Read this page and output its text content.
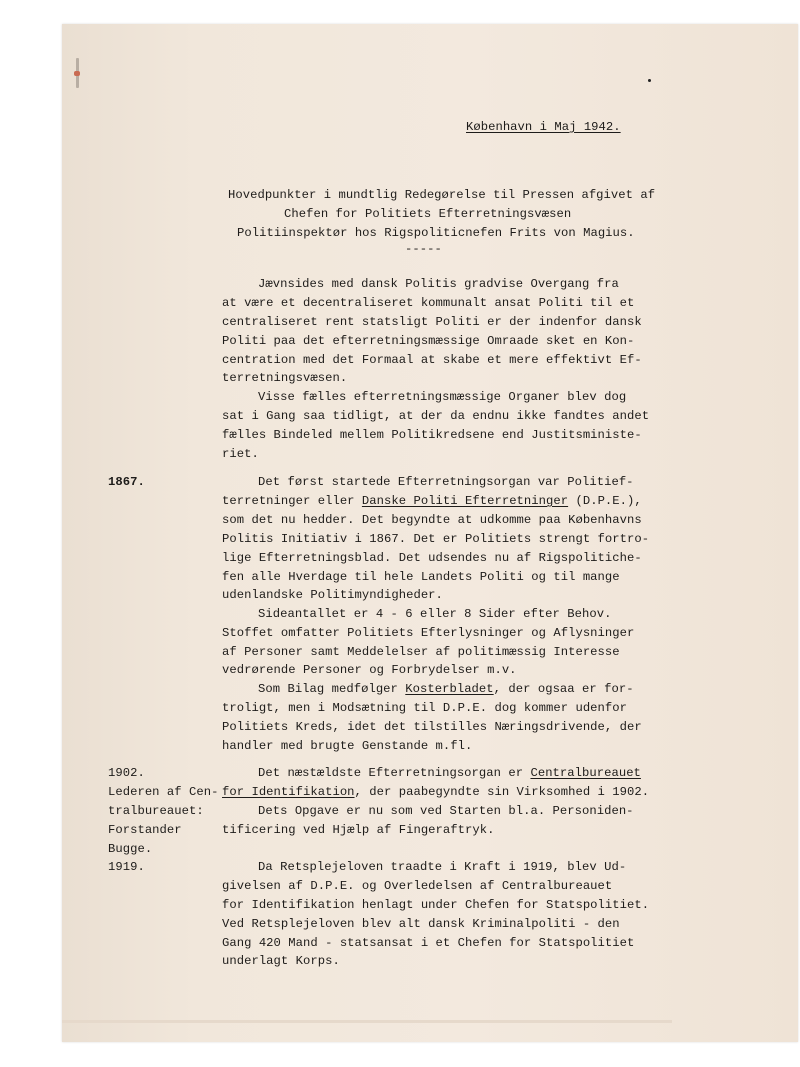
København i Maj 1942.
Hovedpunkter i mundtlig Redegørelse til Pressen afgivet af
Chefen for Politiets Efterretningsvæsen
Politiinspektør hos Rigspoliticnefen Frits von Magius.
-----
Jævnsides med dansk Politis gradvise Overgang fra
at være et decentraliseret kommunalt ansat Politi til et
centraliseret rent statsligt Politi er der indenfor dansk
Politi paa det efterretningsmæssige Omraade sket en Kon-
centration med det Formaal at skabe et mere effektivt Ef-
terretningsvæsen.
Visse fælles efterretningsmæssige Organer blev dog
sat i Gang saa tidligt, at der da endnu ikke fandtes andet
fælles Bindeled mellem Politikredsene end Justitsministe-
riet.
1867.	Det først startede Efterretningsorgan var Politief-
terretninger eller Danske Politi Efterretninger (D.P.E.),
som det nu hedder. Det begyndte at udkomme paa Københavns
Politis Initiativ i 1867. Det er Politiets strengt fortro-
lige Efterretningsblad. Det udsendes nu af Rigspolitiche-
fen alle Hverdage til hele Landets Politi og til mange
udenlandske Politimyndigheder.
Sideantallet er 4 - 6 eller 8 Sider efter Behov.
Stoffet omfatter Politiets Efterlysninger og Aflysninger
af Personer samt Meddelelser af politimæssig Interesse
vedrørende Personer og Forbrydelser m.v.
Som Bilag medfølger Kosterbladet, der ogsaa er for-
troligt, men i Modsætning til D.P.E. dog kommer udenfor
Politiets Kreds, idet det tilstilles Næringsdrivende, der
handler med brugte Genstande m.fl.
1902.
Lederen af Cen-
tralbureauet:
Forstander
Bugge.
1919.
Det næstældste Efterretningsorgan er Centralbureauet
for Identifikation, der paabegyndte sin Virksomhed i 1902.
Dets Opgave er nu som ved Starten bl.a. Personiden-
tificering ved Hjælp af Fingeraftryk.
Da Retsplejeloven traadte i Kraft i 1919, blev Ud-
givelsen af D.P.E. og Overledelsen af Centralbureauet
for Identifikation henlagt under Chefen for Statspolitiet.
Ved Retsplejeloven blev alt dansk Kriminalpoliti - den
Gang 420 Mand - statsansat i et Chefen for Statspolitiet
underlagt Korps.
